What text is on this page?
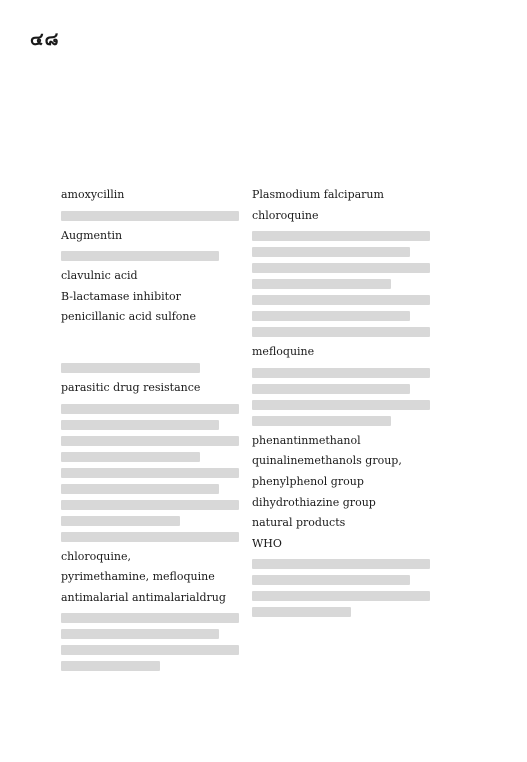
๔๘
amoxycillin
Augmentin
clavulnic acid
B-lactamase inhibitor
penicillanic acid sulfone
parasitic drug resistance
chloroquine,
pyrimethamine, mefloquine
antimalarial antimalarialdrug
Plasmodium falciparum
chloroquine
mefloquine
phenantinmethanol
quinalinemethanols group,
phenylphenol group
dihydrothiazine group
natural products
WHO
